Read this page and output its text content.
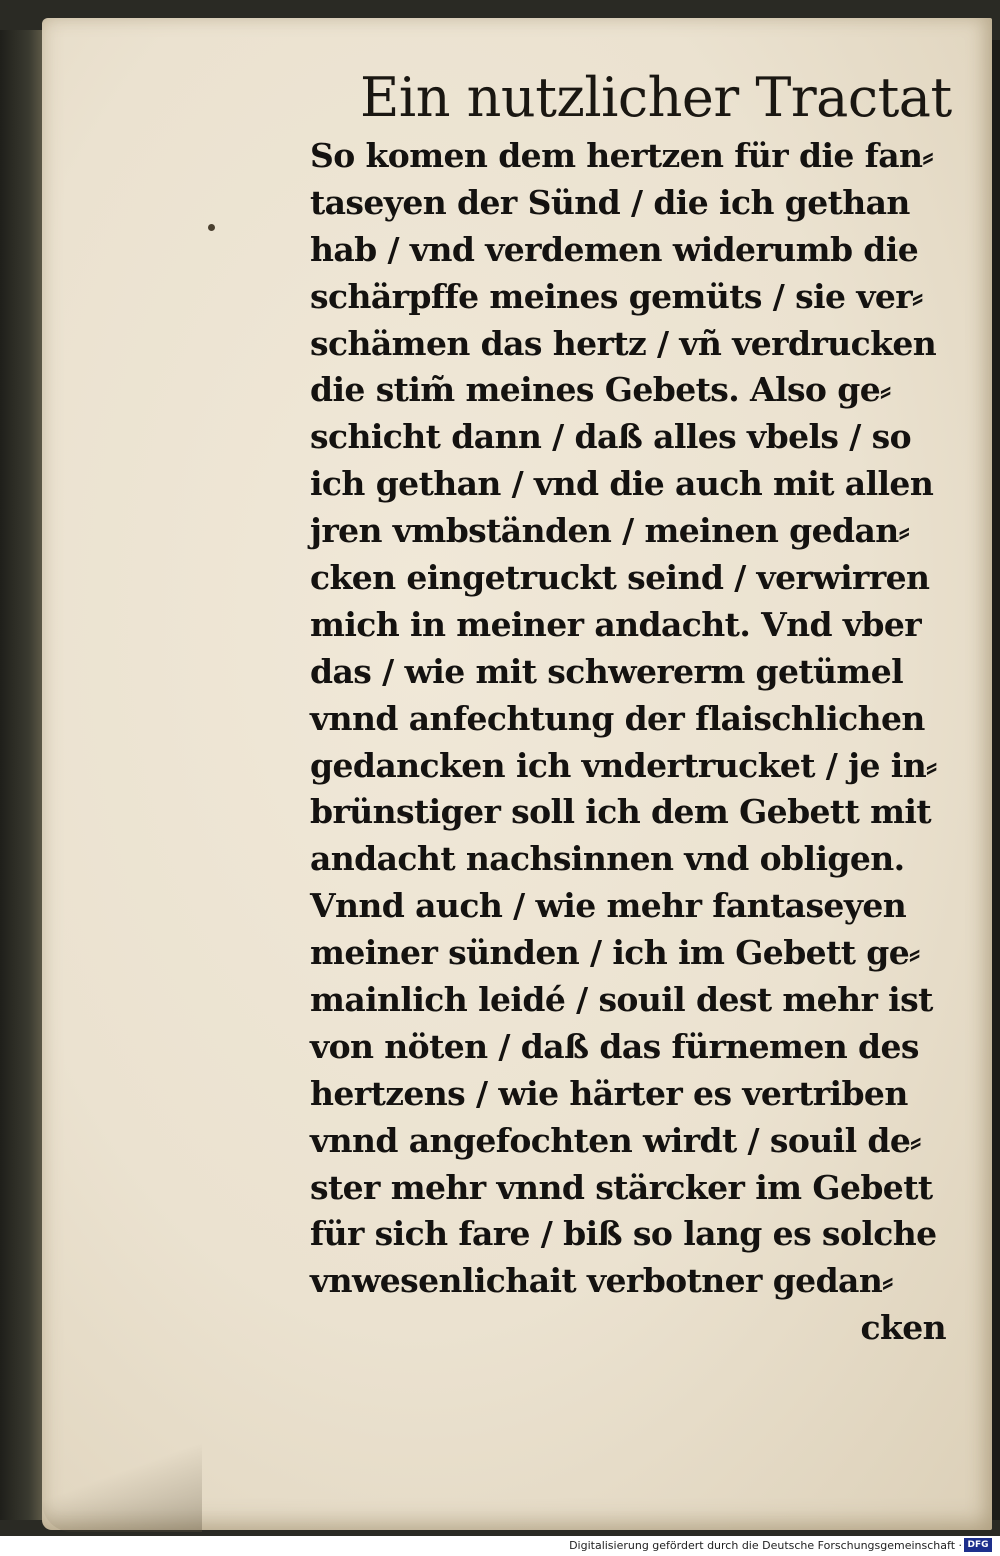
Ein nutzlicher Tractat
So komen dem hertzen für die fan⸗
taseyen der Sünd / die ich gethan
hab / vnd verdemen widerumb die
schärpffe meines gemüts / sie ver⸗
schämen das hertz / vñ verdrucken
die stim̃ meines Gebets. Also ge⸗
schicht dann / daß alles vbels / so
ich gethan / vnd die auch mit allen
jren vmbständen / meinen gedan⸗
cken eingetruckt seind / verwirren
mich in meiner andacht. Vnd vber
das / wie mit schwererm getümel
vnnd anfechtung der flaischlichen
gedancken ich vndertrucket / je in⸗
brünstiger soll ich dem Gebett mit
andacht nachsinnen vnd obligen.
Vnnd auch / wie mehr fantaseyen
meiner sünden / ich im Gebett ge⸗
mainlich leidé / souil dest mehr ist
von nöten / daß das fürnemen des
hertzens / wie härter es vertriben
vnnd angefochten wirdt / souil de⸗
ster mehr vnnd stärcker im Gebett
für sich fare / biß so lang es solche
vnwesenlichait verbotner gedan⸗
cken
Digitalisierung gefördert durch die Deutsche Forschungsgemeinschaft · DFG
